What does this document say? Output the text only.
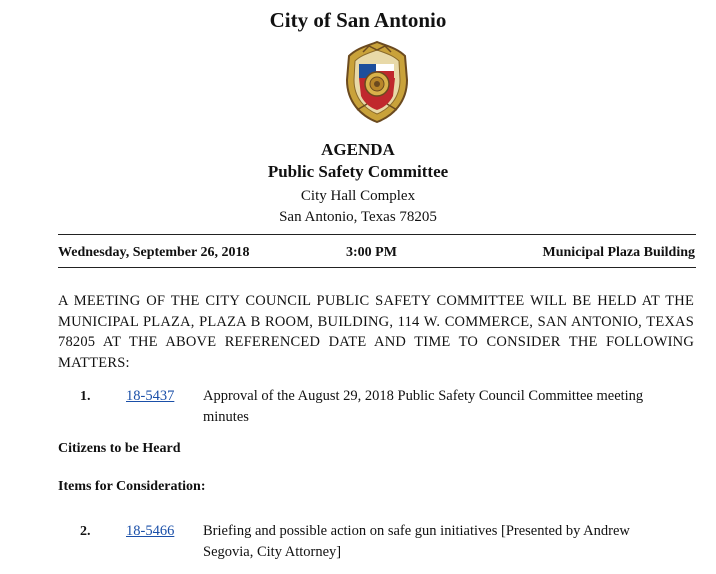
City of San Antonio
AGENDA
Public Safety Committee
City Hall Complex
San Antonio, Texas 78205
Wednesday, September 26, 2018	3:00 PM	Municipal Plaza Building
A MEETING OF THE CITY COUNCIL PUBLIC SAFETY COMMITTEE WILL BE HELD AT THE MUNICIPAL PLAZA, PLAZA B ROOM, BUILDING, 114 W. COMMERCE, SAN ANTONIO, TEXAS 78205 AT THE ABOVE REFERENCED DATE AND TIME TO CONSIDER THE FOLLOWING MATTERS:
1. 18-5437 Approval of the August 29, 2018 Public Safety Council Committee meeting minutes
Citizens to be Heard
Items for Consideration:
2. 18-5466 Briefing and possible action on safe gun initiatives [Presented by Andrew Segovia, City Attorney]
